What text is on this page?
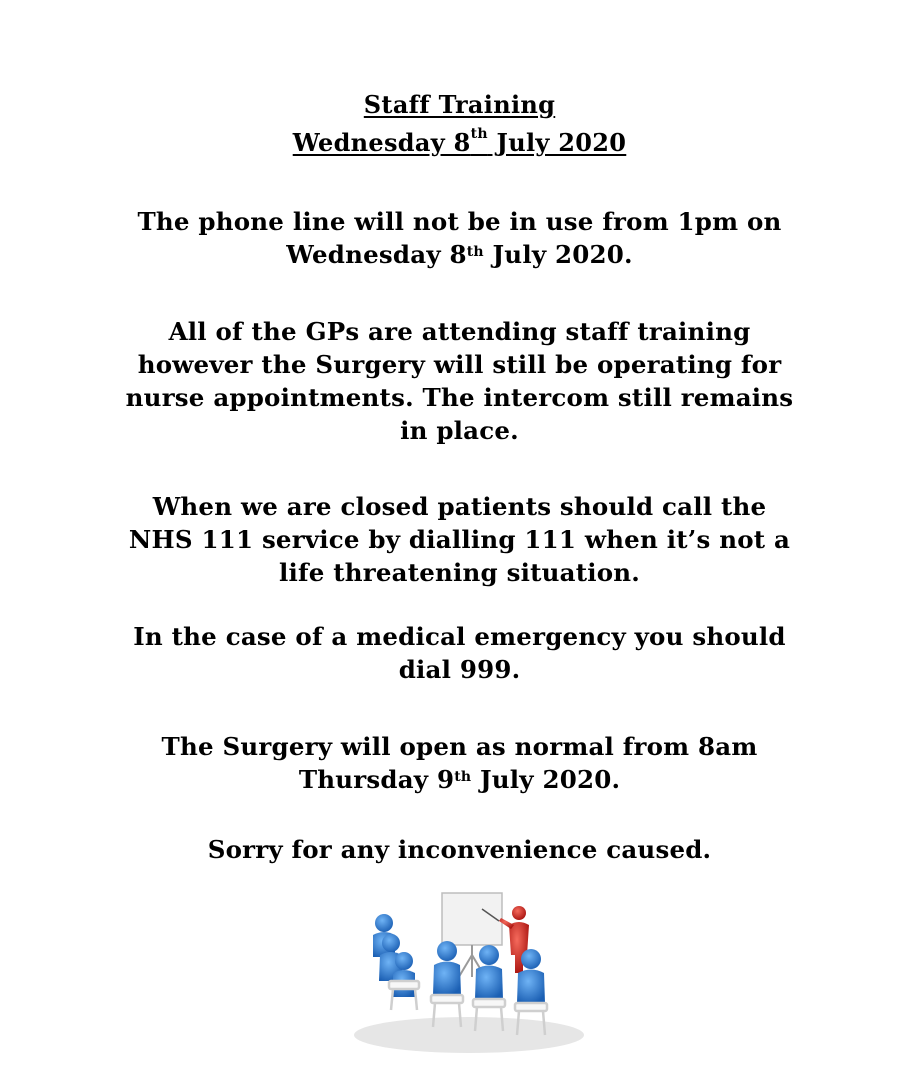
Staff Training
Wednesday 8th July 2020
The phone line will not be in use from 1pm on
Wednesday 8th July 2020.
All of the GPs are attending staff training
however the Surgery will still be operating for
nurse appointments. The intercom still remains
in place.
When we are closed patients should call the
NHS 111 service by dialling 111 when it’s not a
life threatening situation.
In the case of a medical emergency you should
dial 999.
The Surgery will open as normal from 8am
Thursday 9th July 2020.
Sorry for any inconvenience caused.
